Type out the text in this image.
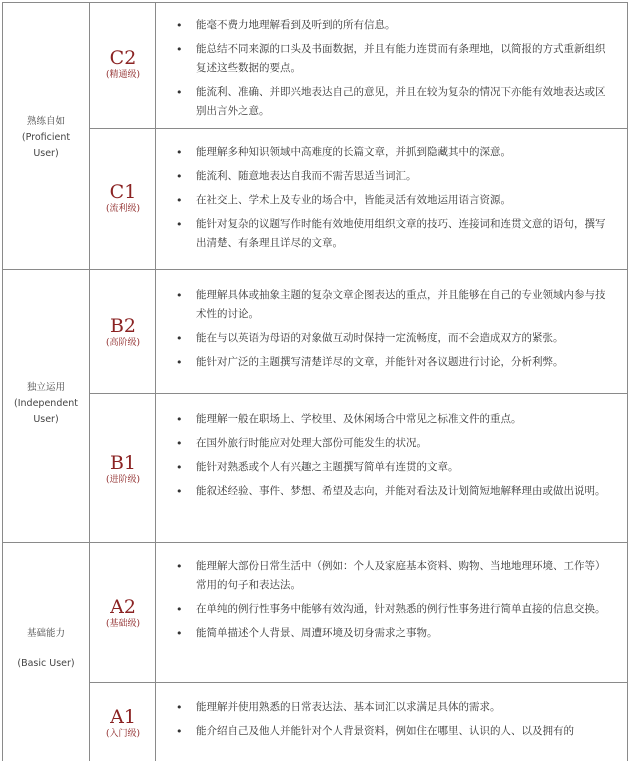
熟练自如
(Proficient
User)
独立运用
(Independent
User)
基础能力
(Basic User)
C2
(精通级)
C1
(流利级)
B2
(高阶级)
B1
(进阶级)
A2
(基础级)
A1
(入门级)
• 能毫不费力地理解看到及听到的所有信息。
• 能总结不同来源的口头及书面数据，并且有能力连贯而有条理地，以简报的方式重新组织复述这些数据的要点。
• 能流利、准确、并即兴地表达自己的意见，并且在较为复杂的情况下亦能有效地表达或区别出言外之意。
• 能理解多种知识领域中高难度的长篇文章，并抓到隐藏其中的深意。
• 能流利、随意地表达自我而不需苦思适当词汇。
• 在社交上、学术上及专业的场合中，皆能灵活有效地运用语言资源。
• 能针对复杂的议题写作时能有效地使用组织文章的技巧、连接词和连贯文意的语句，撰写出清楚、有条理且详尽的文章。
• 能理解具体或抽象主题的复杂文章企图表达的重点，并且能够在自己的专业领域内参与技术性的讨论。
• 能在与以英语为母语的对象做互动时保持一定流畅度，而不会造成双方的紧张。
• 能针对广泛的主题撰写清楚详尽的文章，并能针对各议题进行讨论，分析利弊。
• 能理解一般在职场上、学校里、及休闲场合中常见之标准文件的重点。
• 在国外旅行时能应对处理大部份可能发生的状况。
• 能针对熟悉或个人有兴趣之主题撰写简单有连贯的文章。
• 能叙述经验、事件、梦想、希望及志向，并能对看法及计划简短地解释理由或做出说明。
• 能理解大部份日常生活中（例如：个人及家庭基本资料、购物、当地地理环境、工作等）常用的句子和表达法。
• 在单纯的例行性事务中能够有效沟通，针对熟悉的例行性事务进行简单直接的信息交换。
• 能简单描述个人背景、周遭环境及切身需求之事物。
• 能理解并使用熟悉的日常表达法、基本词汇以求满足具体的需求。
• 能介绍自己及他人并能针对个人背景资料，例如住在哪里、认识的人、以及拥有的
